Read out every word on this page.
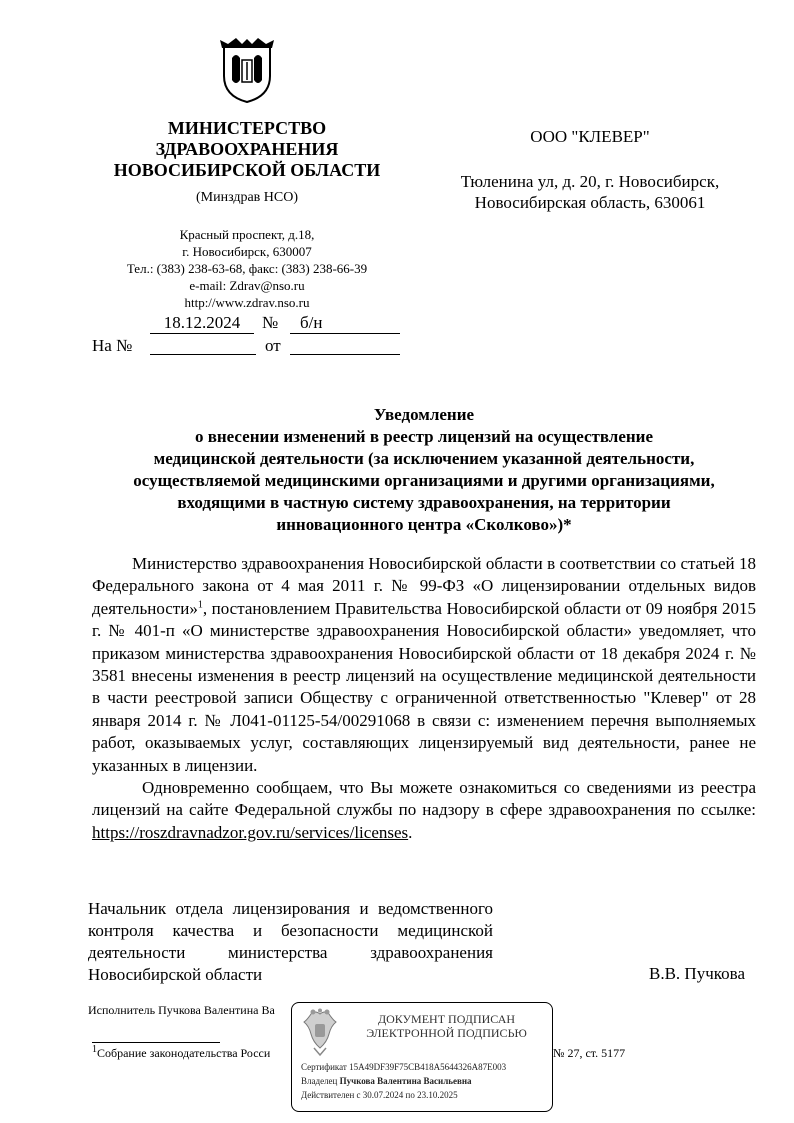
МИНИСТЕРСТВО
ЗДРАВООХРАНЕНИЯ
НОВОСИБИРСКОЙ ОБЛАСТИ
(Минздрав НСО)
Красный проспект, д.18,
г. Новосибирск, 630007
Тел.: (383) 238-63-68, факс: (383) 238-66-39
e-mail: Zdrav@nso.ru
http://www.zdrav.nso.ru
ООО "КЛЕВЕР"
Тюленина ул, д. 20, г. Новосибирск,
Новосибирская область, 630061
18.12.2024	№	б/н
На №	от
Уведомление
о внесении изменений в реестр лицензий на осуществление
медицинской деятельности (за исключением указанной деятельности,
осуществляемой медицинскими организациями и другими организациями,
входящими в частную систему здравоохранения, на территории
инновационного центра «Сколково»)*

Министерство здравоохранения Новосибирской области в соответствии со статьей 18 Федерального закона от 4 мая 2011 г. № 99-ФЗ «О лицензировании отдельных видов деятельности»$^1$, постановлением Правительства Новосибирской области от 09 ноября 2015 г. № 401-п «О министерстве здравоохранения Новосибирской области» уведомляет, что приказом министерства здравоохранения Новосибирской области от 18 декабря 2024 г. № 3581 внесены изменения в реестр лицензий на осуществление медицинской деятельности в части реестровой записи Обществу с ограниченной ответственностью "Клевер" от 28 января 2014 г. № Л041-01125-54/00291068 в связи с: изменением перечня выполняемых работ, оказываемых услуг, составляющих лицензируемый вид деятельности, ранее не указанных в лицензии.

Одновременно сообщаем, что Вы можете ознакомиться со сведениями из реестра лицензий на сайте Федеральной службы по надзору в сфере здравоохранения по ссылке: https://roszdravnadzor.gov.ru/services/licenses.

Начальник отдела лицензирования и ведомственного контроля качества и безопасности медицинской деятельности министерства здравоохранения Новосибирской области	В.В. Пучкова
Исполнитель Пучкова Валентина Ва
$^1$Собрание законодательства Росси	№ 27, ст. 5177
ДОКУМЕНТ ПОДПИСАН
ЭЛЕКТРОННОЙ ПОДПИСЬЮ
Сертификат 15A49DF39F75CB418A5644326A87E003
Владелец Пучкова Валентина Васильевна
Действителен с 30.07.2024 по 23.10.2025
